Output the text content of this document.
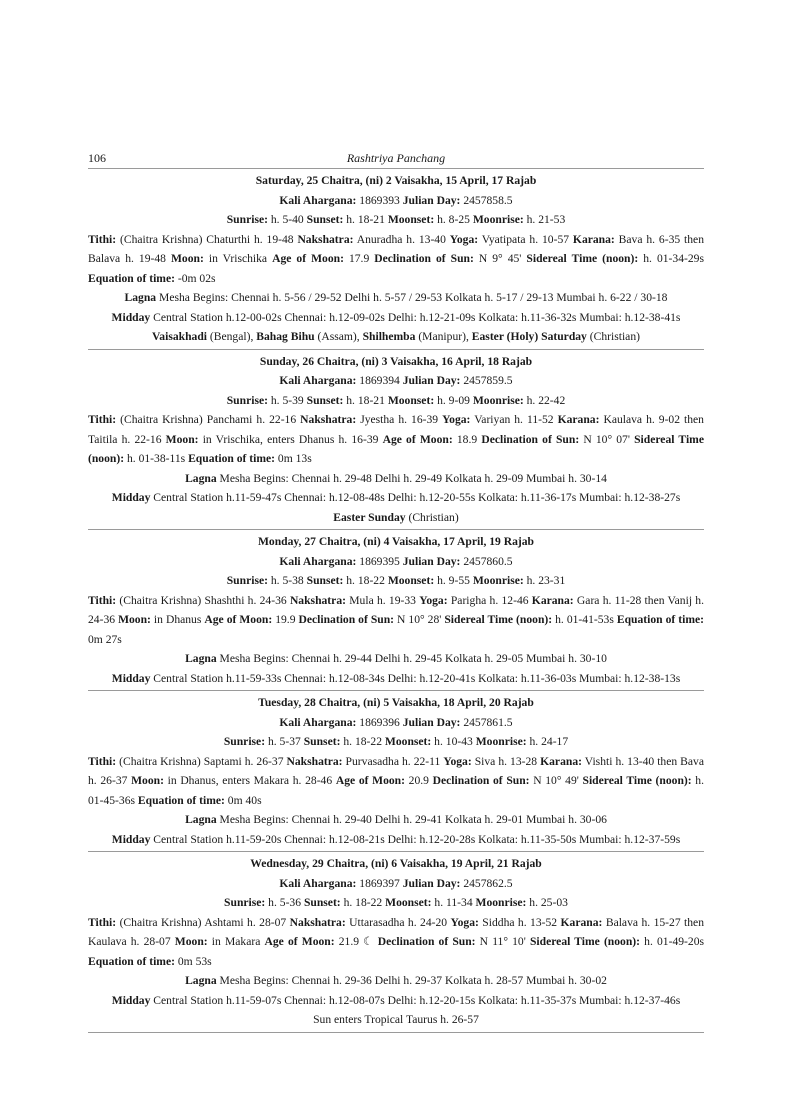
106	Rashtriya Panchang
Saturday, 25 Chaitra, (ni) 2 Vaisakha, 15 April, 17 Rajab
Kali Ahargana: 1869393 Julian Day: 2457858.5
Sunrise: h. 5-40 Sunset: h. 18-21 Moonset: h. 8-25 Moonrise: h. 21-53
Tithi: (Chaitra Krishna) Chaturthi h. 19-48 Nakshatra: Anuradha h. 13-40 Yoga: Vyatipata h. 10-57 Karana: Bava h. 6-35 then Balava h. 19-48 Moon: in Vrischika Age of Moon: 17.9 Declination of Sun: N 9° 45' Sidereal Time (noon): h. 01-34-29s Equation of time: -0m 02s
Lagna Mesha Begins: Chennai h. 5-56 / 29-52 Delhi h. 5-57 / 29-53 Kolkata h. 5-17 / 29-13 Mumbai h. 6-22 / 30-18
Midday Central Station h.12-00-02s Chennai: h.12-09-02s Delhi: h.12-21-09s Kolkata: h.11-36-32s Mumbai: h.12-38-41s
Vaisakhadi (Bengal), Bahag Bihu (Assam), Shilhemba (Manipur), Easter (Holy) Saturday (Christian)
Sunday, 26 Chaitra, (ni) 3 Vaisakha, 16 April, 18 Rajab
Kali Ahargana: 1869394 Julian Day: 2457859.5
Sunrise: h. 5-39 Sunset: h. 18-21 Moonset: h. 9-09 Moonrise: h. 22-42
Tithi: (Chaitra Krishna) Panchami h. 22-16 Nakshatra: Jyestha h. 16-39 Yoga: Variyan h. 11-52 Karana: Kaulava h. 9-02 then Taitila h. 22-16 Moon: in Vrischika, enters Dhanus h. 16-39 Age of Moon: 18.9 Declination of Sun: N 10° 07' Sidereal Time (noon): h. 01-38-11s Equation of time: 0m 13s
Lagna Mesha Begins: Chennai h. 29-48 Delhi h. 29-49 Kolkata h. 29-09 Mumbai h. 30-14
Midday Central Station h.11-59-47s Chennai: h.12-08-48s Delhi: h.12-20-55s Kolkata: h.11-36-17s Mumbai: h.12-38-27s
Easter Sunday (Christian)
Monday, 27 Chaitra, (ni) 4 Vaisakha, 17 April, 19 Rajab
Kali Ahargana: 1869395 Julian Day: 2457860.5
Sunrise: h. 5-38 Sunset: h. 18-22 Moonset: h. 9-55 Moonrise: h. 23-31
Tithi: (Chaitra Krishna) Shashthi h. 24-36 Nakshatra: Mula h. 19-33 Yoga: Parigha h. 12-46 Karana: Gara h. 11-28 then Vanij h. 24-36 Moon: in Dhanus Age of Moon: 19.9 Declination of Sun: N 10° 28' Sidereal Time (noon): h. 01-41-53s Equation of time: 0m 27s
Lagna Mesha Begins: Chennai h. 29-44 Delhi h. 29-45 Kolkata h. 29-05 Mumbai h. 30-10
Midday Central Station h.11-59-33s Chennai: h.12-08-34s Delhi: h.12-20-41s Kolkata: h.11-36-03s Mumbai: h.12-38-13s
Tuesday, 28 Chaitra, (ni) 5 Vaisakha, 18 April, 20 Rajab
Kali Ahargana: 1869396 Julian Day: 2457861.5
Sunrise: h. 5-37 Sunset: h. 18-22 Moonset: h. 10-43 Moonrise: h. 24-17
Tithi: (Chaitra Krishna) Saptami h. 26-37 Nakshatra: Purvasadha h. 22-11 Yoga: Siva h. 13-28 Karana: Vishti h. 13-40 then Bava h. 26-37 Moon: in Dhanus, enters Makara h. 28-46 Age of Moon: 20.9 Declination of Sun: N 10° 49' Sidereal Time (noon): h. 01-45-36s Equation of time: 0m 40s
Lagna Mesha Begins: Chennai h. 29-40 Delhi h. 29-41 Kolkata h. 29-01 Mumbai h. 30-06
Midday Central Station h.11-59-20s Chennai: h.12-08-21s Delhi: h.12-20-28s Kolkata: h.11-35-50s Mumbai: h.12-37-59s
Wednesday, 29 Chaitra, (ni) 6 Vaisakha, 19 April, 21 Rajab
Kali Ahargana: 1869397 Julian Day: 2457862.5
Sunrise: h. 5-36 Sunset: h. 18-22 Moonset: h. 11-34 Moonrise: h. 25-03
Tithi: (Chaitra Krishna) Ashtami h. 28-07 Nakshatra: Uttarasadha h. 24-20 Yoga: Siddha h. 13-52 Karana: Balava h. 15-27 then Kaulava h. 28-07 Moon: in Makara Age of Moon: 21.9 ☾ Declination of Sun: N 11° 10' Sidereal Time (noon): h. 01-49-20s Equation of time: 0m 53s
Lagna Mesha Begins: Chennai h. 29-36 Delhi h. 29-37 Kolkata h. 28-57 Mumbai h. 30-02
Midday Central Station h.11-59-07s Chennai: h.12-08-07s Delhi: h.12-20-15s Kolkata: h.11-35-37s Mumbai: h.12-37-46s
Sun enters Tropical Taurus h. 26-57
